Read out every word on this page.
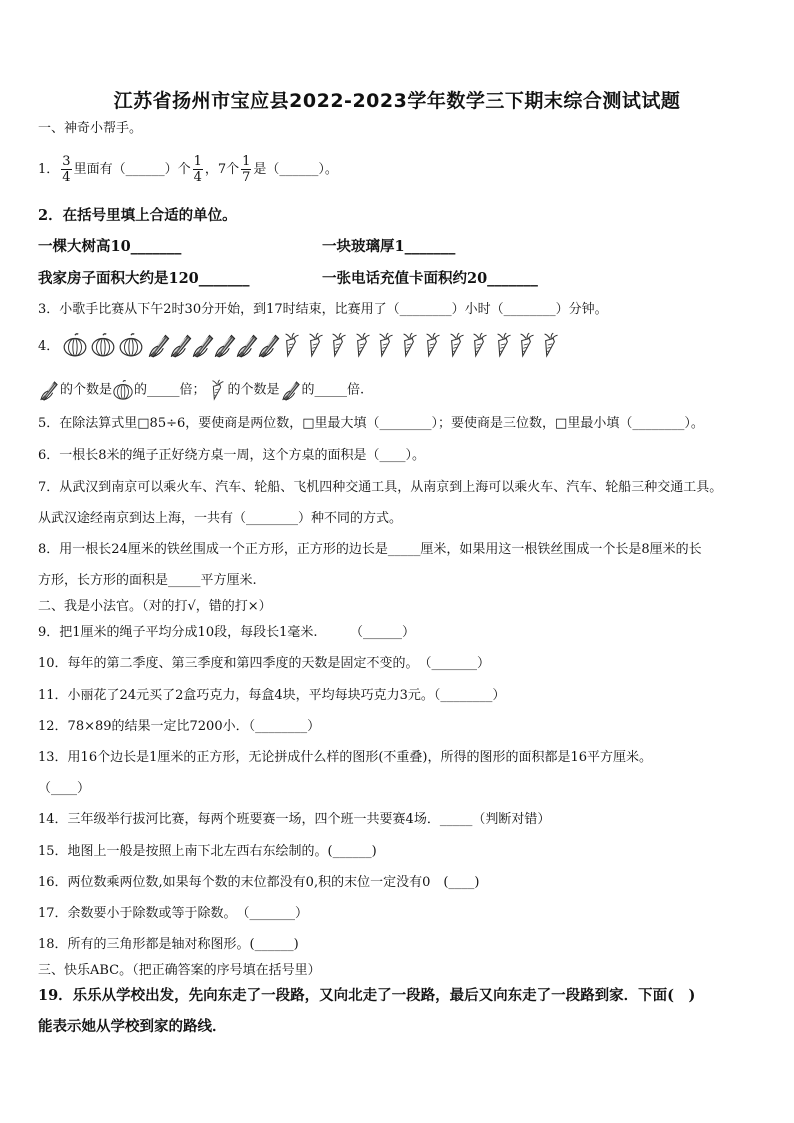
江苏省扬州市宝应县2022-2023学年数学三下期末综合测试试题
一、神奇小帮手。
1． $\frac{3}{4}$ 里面有（______）个 $\frac{1}{4}$ ，7个 $\frac{1}{7}$ 是（______）。
2．在括号里填上合适的单位。
一棵大树高10_______	一块玻璃厚1_______
我家房子面积大约是120_______	一张电话充值卡面积约20_______
3．小歌手比赛从下午2时30分开始，到17时结束，比赛用了（________）小时（________）分钟。
4．
的个数是 的_____倍； 的个数是 的_____倍.
5．在除法算式里□85÷6，要使商是两位数，□里最大填（________）；要使商是三位数，□里最小填（________）。
6．一根长8米的绳子正好绕方桌一周，这个方桌的面积是（____）。
7．从武汉到南京可以乘火车、汽车、轮船、飞机四种交通工具，从南京到上海可以乘火车、汽车、轮船三种交通工具。
从武汉途经南京到达上海，一共有（________）种不同的方式。
8．用一根长24厘米的铁丝围成一个正方形，正方形的边长是_____厘米，如果用这一根铁丝围成一个长是8厘米的长
方形，长方形的面积是_____平方厘米.
二、我是小法官。（对的打√，错的打×）
9．把1厘米的绳子平均分成10段，每段长1毫米.　　　（______）
10．每年的第二季度、第三季度和第四季度的天数是固定不变的。　（_______）
11．小丽花了24元买了2盒巧克力，每盒4块，平均每块巧克力3元。（________）
12．78×89的结果一定比7200小．（________）
13．用16个边长是1厘米的正方形，无论拼成什么样的图形(不重叠)，所得的图形的面积都是16平方厘米。
（____）
14．三年级举行拔河比赛，每两个班要赛一场，四个班一共要赛4场．_____（判断对错）
15．地图上一般是按照上南下北左西右东绘制的。(______)
16．两位数乘两位数,如果每个数的末位都没有0,积的末位一定没有0　(____)
17．余数要小于除数或等于除数。　（_______）
18．所有的三角形都是轴对称图形。(______)
三、快乐ABC。（把正确答案的序号填在括号里）
19．乐乐从学校出发，先向东走了一段路，又向北走了一段路，最后又向东走了一段路到家．下面(　)
能表示她从学校到家的路线．
